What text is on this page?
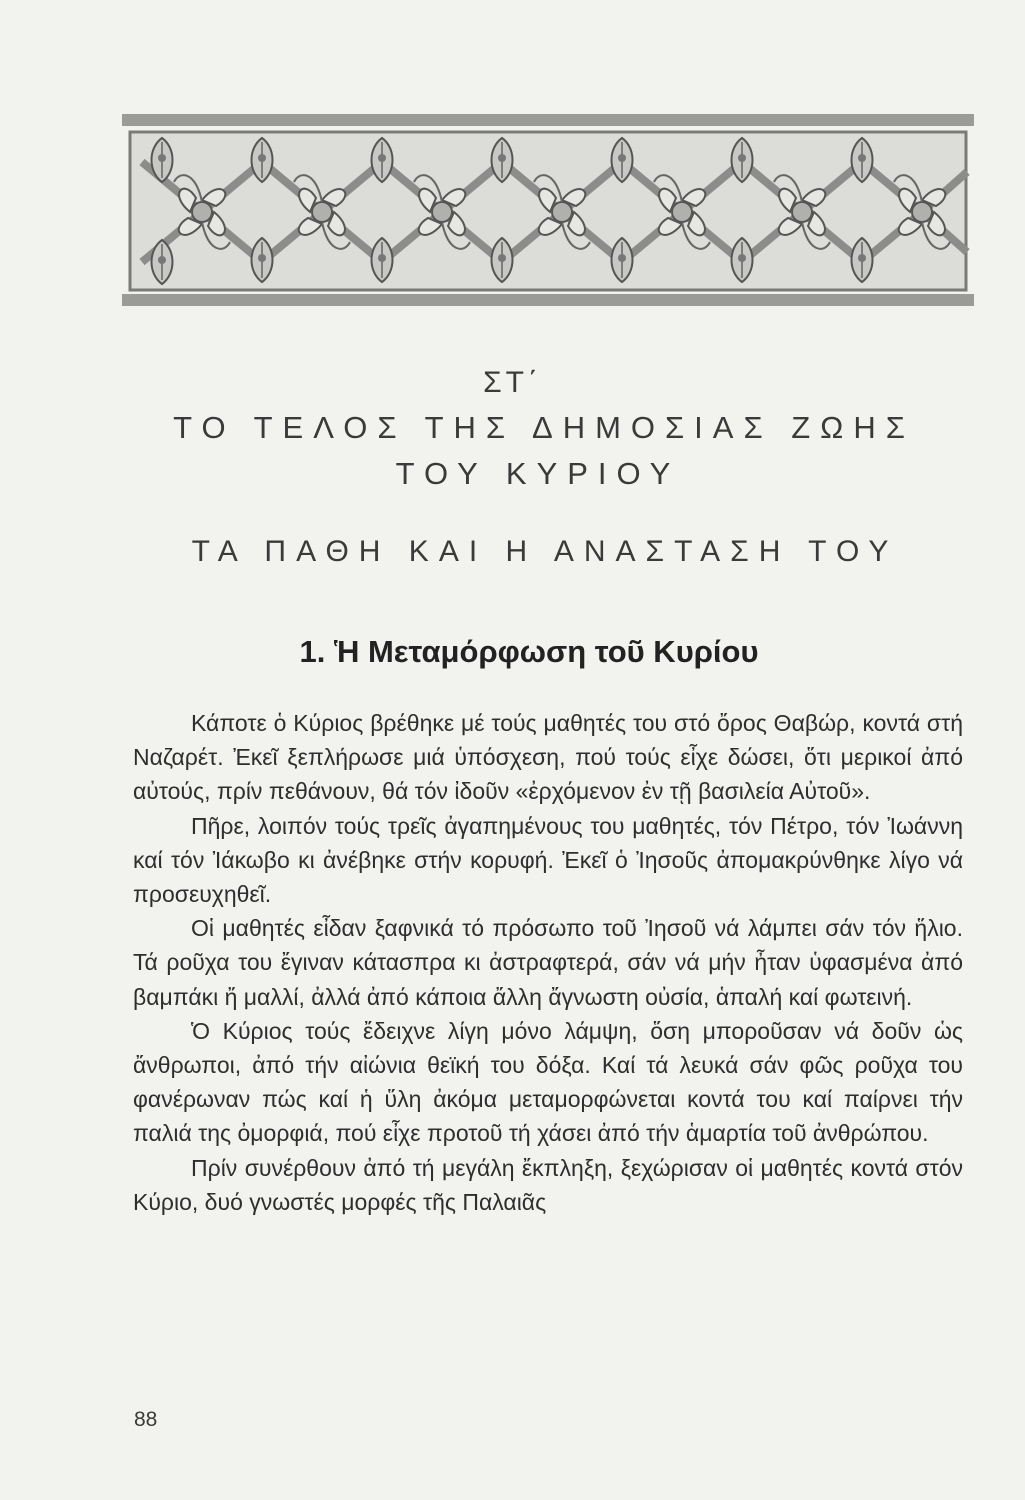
ΣΤ΄
ΤΟ ΤΕΛΟΣ ΤΗΣ ΔΗΜΟΣΙΑΣ ΖΩΗΣ
ΤΟΥ ΚΥΡΙΟΥ
ΤΑ ΠΑΘΗ ΚΑΙ Η ΑΝΑΣΤΑΣΗ ΤΟΥ
1. Ἡ Μεταμόρφωση τοῦ Κυρίου

Κάποτε ὁ Κύριος βρέθηκε μέ τούς μαθητές του στό ὄρος Θαβώρ, κοντά στή Ναζαρέτ. Ἐκεῖ ξεπλήρωσε μιά ὑπόσχεση, πού τούς εἶχε δώσει, ὅτι μερικοί ἀπό αὐτούς, πρίν πεθάνουν, θά τόν ἰδοῦν «ἐρχόμενον ἐν τῇ βασιλεία Αὐτοῦ».

Πῆρε, λοιπόν τούς τρεῖς ἀγαπημένους του μαθητές, τόν Πέτρο, τόν Ἰωάννη καί τόν Ἰάκωβο κι ἀνέβηκε στήν κορυφή. Ἐκεῖ ὁ Ἰησοῦς ἀπομακρύνθηκε λίγο νά προσευχηθεῖ.

Οἱ μαθητές εἶδαν ξαφνικά τό πρόσωπο τοῦ Ἰησοῦ νά λάμπει σάν τόν ἥλιο. Τά ροῦχα του ἔγιναν κάτασπρα κι ἀστραφτερά, σάν νά μήν ἦταν ὑφασμένα ἀπό βαμπάκι ἤ μαλλί, ἀλλά ἀπό κάποια ἄλλη ἄγνωστη οὐσία, ἁπαλή καί φωτεινή.

Ὁ Κύριος τούς ἔδειχνε λίγη μόνο λάμψη, ὅση μποροῦσαν νά δοῦν ὡς ἄνθρωποι, ἀπό τήν αἰώνια θεϊκή του δόξα. Καί τά λευκά σάν φῶς ροῦχα του φανέρωναν πώς καί ἡ ὕλη ἀκόμα μεταμορφώνεται κοντά του καί παίρνει τήν παλιά της ὀμορφιά, πού εἶχε προτοῦ τή χάσει ἀπό τήν ἁμαρτία τοῦ ἀνθρώπου.

Πρίν συνέρθουν ἀπό τή μεγάλη ἔκπληξη, ξεχώρισαν οἱ μαθητές κοντά στόν Κύριο, δυό γνωστές μορφές τῆς Παλαιᾶς

88
